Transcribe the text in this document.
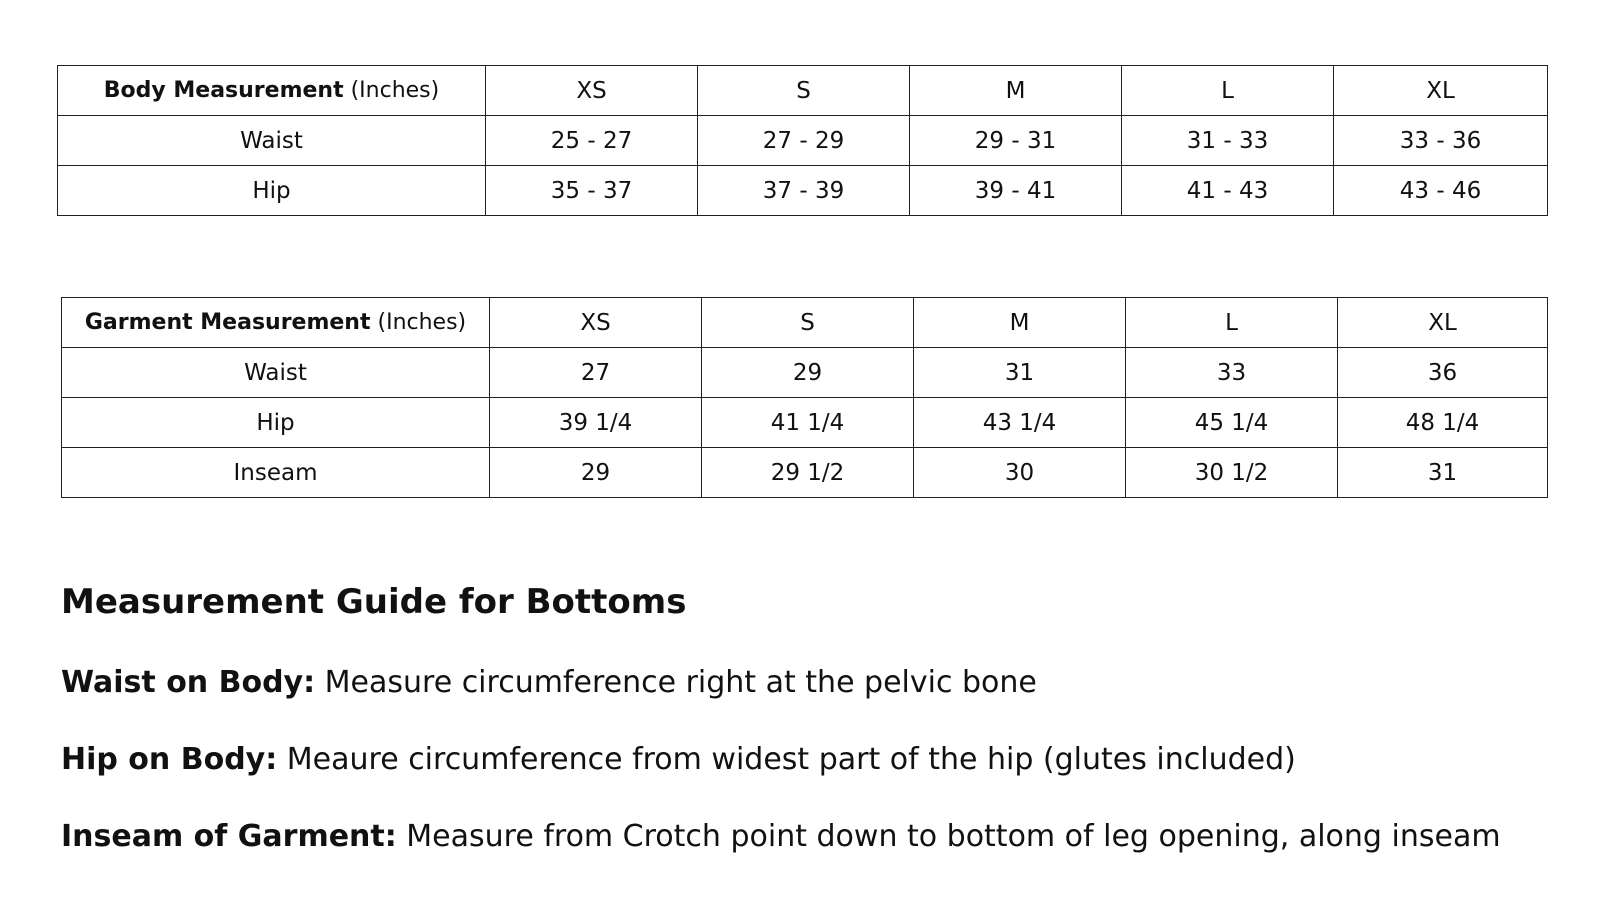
Body Measurement (Inches)	XS	S	M	L	XL
Waist	25 - 27	27 - 29	29 - 31	31 - 33	33 - 36
Hip	35 - 37	37 - 39	39 - 41	41 - 43	43 - 46
Garment Measurement (Inches)	XS	S	M	L	XL
Waist	27	29	31	33	36
Hip	39 1/4	41 1/4	43 1/4	45 1/4	48 1/4
Inseam	29	29 1/2	30	30 1/2	31
Measurement Guide for Bottoms

Waist on Body: Measure circumference right at the pelvic bone

Hip on Body: Meaure circumference from widest part of the hip (glutes included)

Inseam of Garment: Measure from Crotch point down to bottom of leg opening, along inseam
